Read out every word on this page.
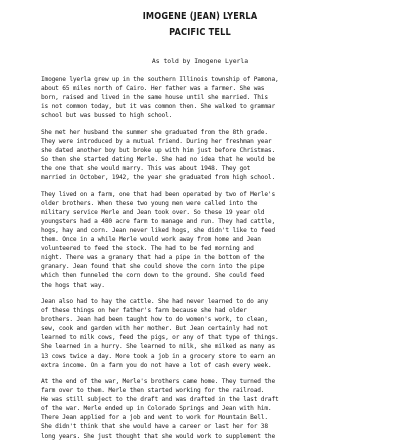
IMOGENE (JEAN) LYERLA
PACIFIC TELL
As told by Imogene Lyerla
Imogene lyerla grew up in the southern Illinois township of Pamona,
about 65 miles north of Cairo. Her father was a farmer. She was
born, raised and lived in the same house until she married. This
is not common today, but it was common then. She walked to grammar
school but was bussed to high school.
She met her husband the summer she graduated from the 8th grade.
They were introduced by a mutual friend. During her freshman year
she dated another boy but broke up with him just before Christmas.
So then she started dating Merle. She had no idea that he would be
the one that she would marry. This was about 1948. They got
married in October, 1942, the year she graduated from high school.
They lived on a farm, one that had been operated by two of Merle's
older brothers. When these two young men were called into the
military service Merle and Jean took over. So these 19 year old
youngsters had a 480 acre farm to manage and run. They had cattle,
hogs, hay and corn. Jean never liked hogs, she didn't like to feed
them. Once in a while Merle would work away from home and Jean
volunteered to feed the stock. The had to be fed morning and
night. There was a granary that had a pipe in the bottom of the
granary. Jean found that she could shove the corn into the pipe
which then funneled the corn down to the ground. She could feed
the hogs that way.
Jean also had to hay the cattle. She had never learned to do any
of these things on her father's farm because she had older
brothers. Jean had been taught how to do women's work, to clean,
sew, cook and garden with her mother. But Jean certainly had not
learned to milk cows, feed the pigs, or any of that type of things.
She learned in a hurry. She learned to milk, she milked as many as
13 cows twice a day. More took a job in a grocery store to earn an
extra income. On a farm you do not have a lot of cash every week.
At the end of the war, Merle's brothers came home. They turned the
farm over to them. Merle then started working for the railroad.
He was still subject to the draft and was drafted in the last draft
of the war. Merle ended up in Colorado Springs and Jean with him.
There Jean applied for a job and went to work for Mountain Bell.
She didn't think that she would have a career or last her for 38
long years. She just thought that she would work to supplement the
